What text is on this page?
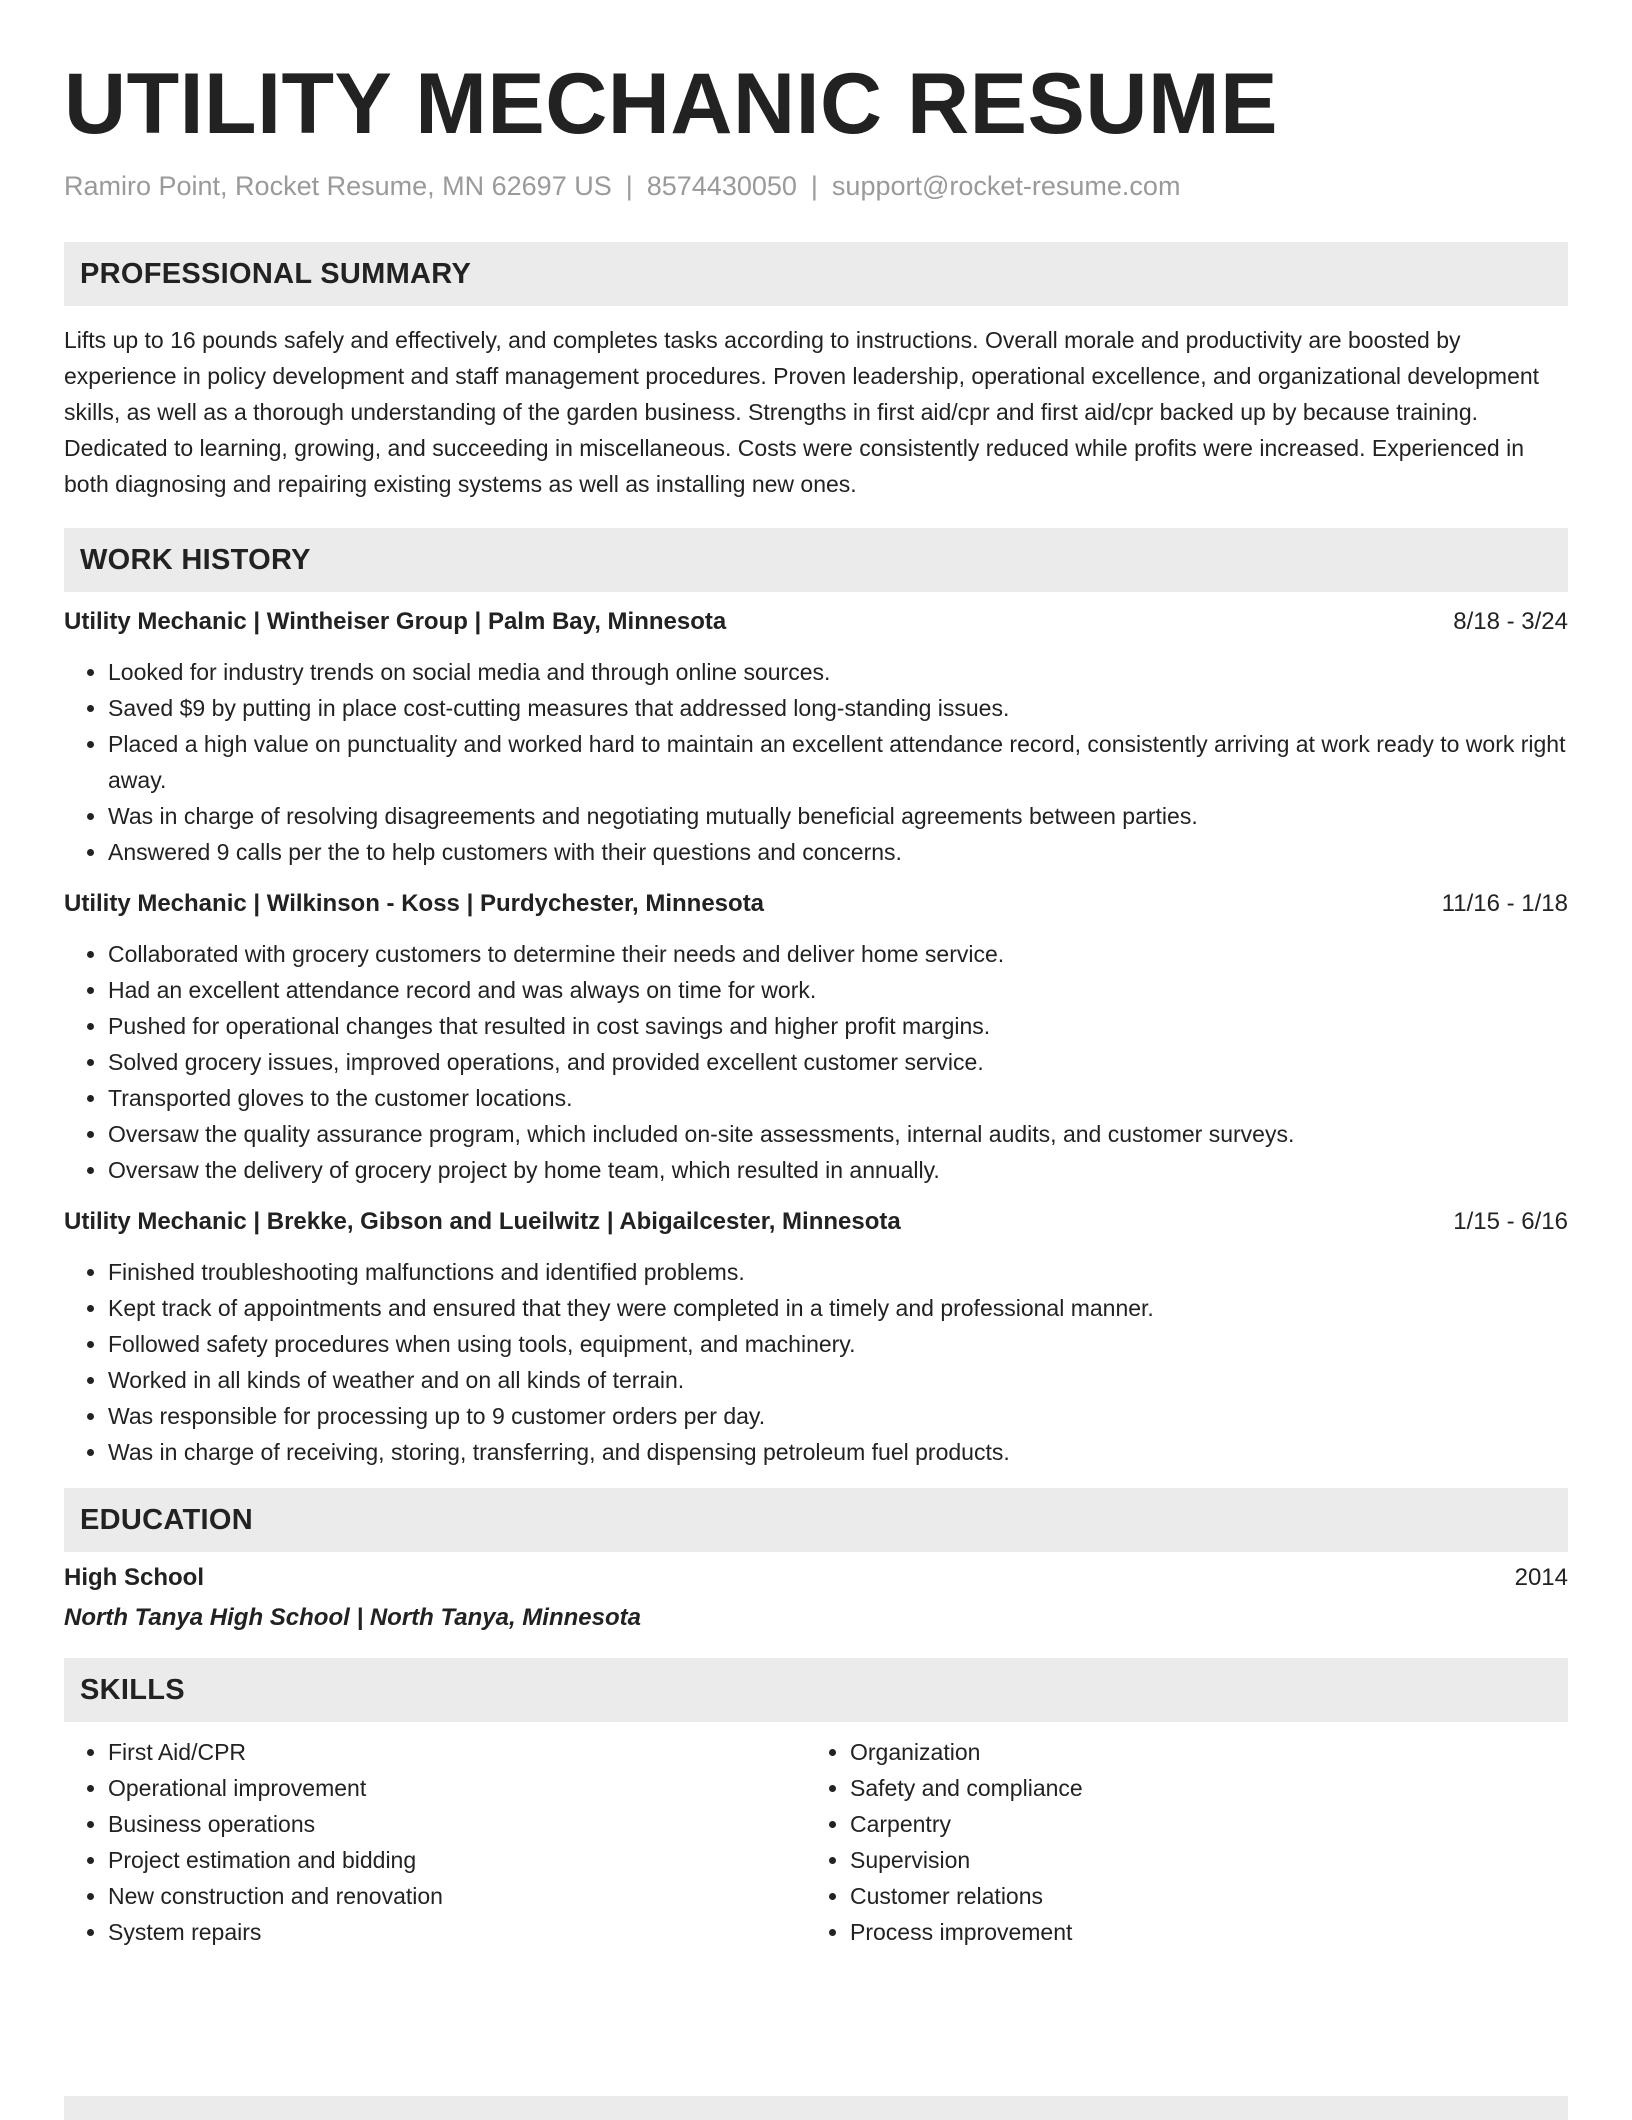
UTILITY MECHANIC RESUME
Ramiro Point, Rocket Resume, MN 62697 US | 8574430050 | support@rocket-resume.com
PROFESSIONAL SUMMARY
Lifts up to 16 pounds safely and effectively, and completes tasks according to instructions. Overall morale and productivity are boosted by experience in policy development and staff management procedures. Proven leadership, operational excellence, and organizational development skills, as well as a thorough understanding of the garden business. Strengths in first aid/cpr and first aid/cpr backed up by because training. Dedicated to learning, growing, and succeeding in miscellaneous. Costs were consistently reduced while profits were increased. Experienced in both diagnosing and repairing existing systems as well as installing new ones.
WORK HISTORY
Utility Mechanic | Wintheiser Group | Palm Bay, Minnesota	8/18 - 3/24
• Looked for industry trends on social media and through online sources.
• Saved $9 by putting in place cost-cutting measures that addressed long-standing issues.
• Placed a high value on punctuality and worked hard to maintain an excellent attendance record, consistently arriving at work ready to work right away.
• Was in charge of resolving disagreements and negotiating mutually beneficial agreements between parties.
• Answered 9 calls per the to help customers with their questions and concerns.
Utility Mechanic | Wilkinson - Koss | Purdychester, Minnesota	11/16 - 1/18
• Collaborated with grocery customers to determine their needs and deliver home service.
• Had an excellent attendance record and was always on time for work.
• Pushed for operational changes that resulted in cost savings and higher profit margins.
• Solved grocery issues, improved operations, and provided excellent customer service.
• Transported gloves to the customer locations.
• Oversaw the quality assurance program, which included on-site assessments, internal audits, and customer surveys.
• Oversaw the delivery of grocery project by home team, which resulted in annually.
Utility Mechanic | Brekke, Gibson and Lueilwitz | Abigailcester, Minnesota	1/15 - 6/16
• Finished troubleshooting malfunctions and identified problems.
• Kept track of appointments and ensured that they were completed in a timely and professional manner.
• Followed safety procedures when using tools, equipment, and machinery.
• Worked in all kinds of weather and on all kinds of terrain.
• Was responsible for processing up to 9 customer orders per day.
• Was in charge of receiving, storing, transferring, and dispensing petroleum fuel products.
EDUCATION
High School	2014
North Tanya High School | North Tanya, Minnesota
SKILLS
• First Aid/CPR
• Operational improvement
• Business operations
• Project estimation and bidding
• New construction and renovation
• System repairs
• Organization
• Safety and compliance
• Carpentry
• Supervision
• Customer relations
• Process improvement
